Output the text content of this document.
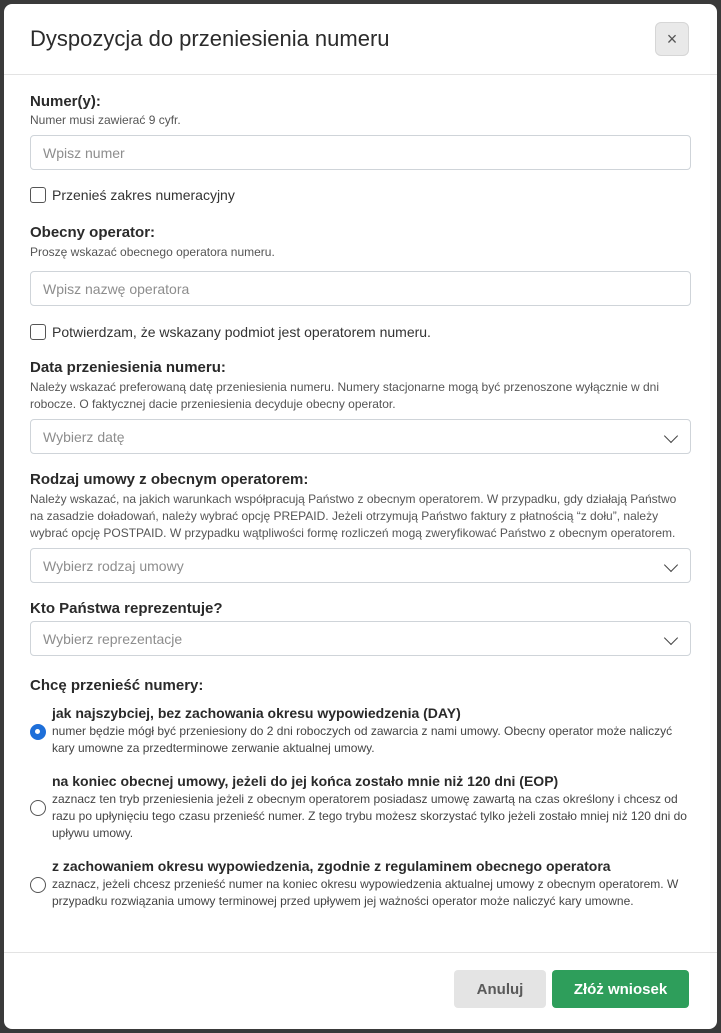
Dyspozycja do przeniesienia numeru	×
Numer(y):
Numer musi zawierać 9 cyfr.
Wpisz numer
Przenieś zakres numeracyjny
Obecny operator:
Proszę wskazać obecnego operatora numeru.
Wpisz nazwę operatora
Potwierdzam, że wskazany podmiot jest operatorem numeru.
Data przeniesienia numeru:
Należy wskazać preferowaną datę przeniesienia numeru. Numery stacjonarne mogą być przenoszone wyłącznie w dni robocze. O faktycznej dacie przeniesienia decyduje obecny operator.
Wybierz datę
Rodzaj umowy z obecnym operatorem:
Należy wskazać, na jakich warunkach współpracują Państwo z obecnym operatorem. W przypadku, gdy działają Państwo na zasadzie doładowań, należy wybrać opcję PREPAID. Jeżeli otrzymują Państwo faktury z płatnością “z dołu”, należy wybrać opcję POSTPAID. W przypadku wątpliwości formę rozliczeń mogą zweryfikować Państwo z obecnym operatorem.
Wybierz rodzaj umowy
Kto Państwa reprezentuje?
Wybierz reprezentacje
Chcę przenieść numery:
jak najszybciej, bez zachowania okresu wypowiedzenia (DAY)
numer będzie mógł być przeniesiony do 2 dni roboczych od zawarcia z nami umowy. Obecny operator może naliczyć kary umowne za przedterminowe zerwanie aktualnej umowy.
na koniec obecnej umowy, jeżeli do jej końca zostało mnie niż 120 dni (EOP)
zaznacz ten tryb przeniesienia jeżeli z obecnym operatorem posiadasz umowę zawartą na czas określony i chcesz od razu po upłynięciu tego czasu przenieść numer. Z tego trybu możesz skorzystać tylko jeżeli zostało mniej niż 120 dni do upływu umowy.
z zachowaniem okresu wypowiedzenia, zgodnie z regulaminem obecnego operatora
zaznacz, jeżeli chcesz przenieść numer na koniec okresu wypowiedzenia aktualnej umowy z obecnym operatorem. W przypadku rozwiązania umowy terminowej przed upływem jej ważności operator może naliczyć kary umowne.
Anuluj	Złóż wniosek
